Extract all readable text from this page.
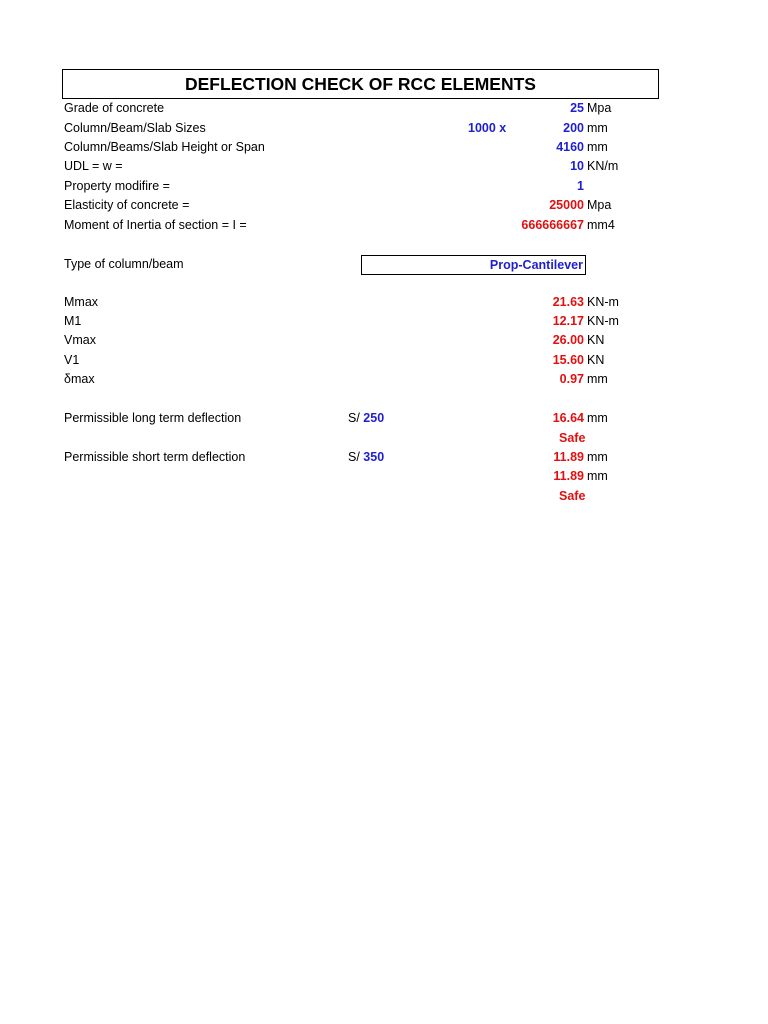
DEFLECTION CHECK OF RCC ELEMENTS
Grade of concrete	25 Mpa
Column/Beam/Slab Sizes	1000 x	200 mm
Column/Beams/Slab Height or Span	4160 mm
UDL = w =	10 KN/m
Property modifire =	1
Elasticity of concrete =	25000 Mpa
Moment of Inertia of section = I =	666666667 mm4
Type of column/beam	Prop-Cantilever
Mmax	21.63 KN-m
M1	12.17 KN-m
Vmax	26.00 KN
V1	15.60 KN
δmax	0.97 mm
Permissible long term deflection	S/ 250	16.64 mm
Safe
Permissible short term deflection	S/ 350	11.89 mm
11.89 mm
Safe
